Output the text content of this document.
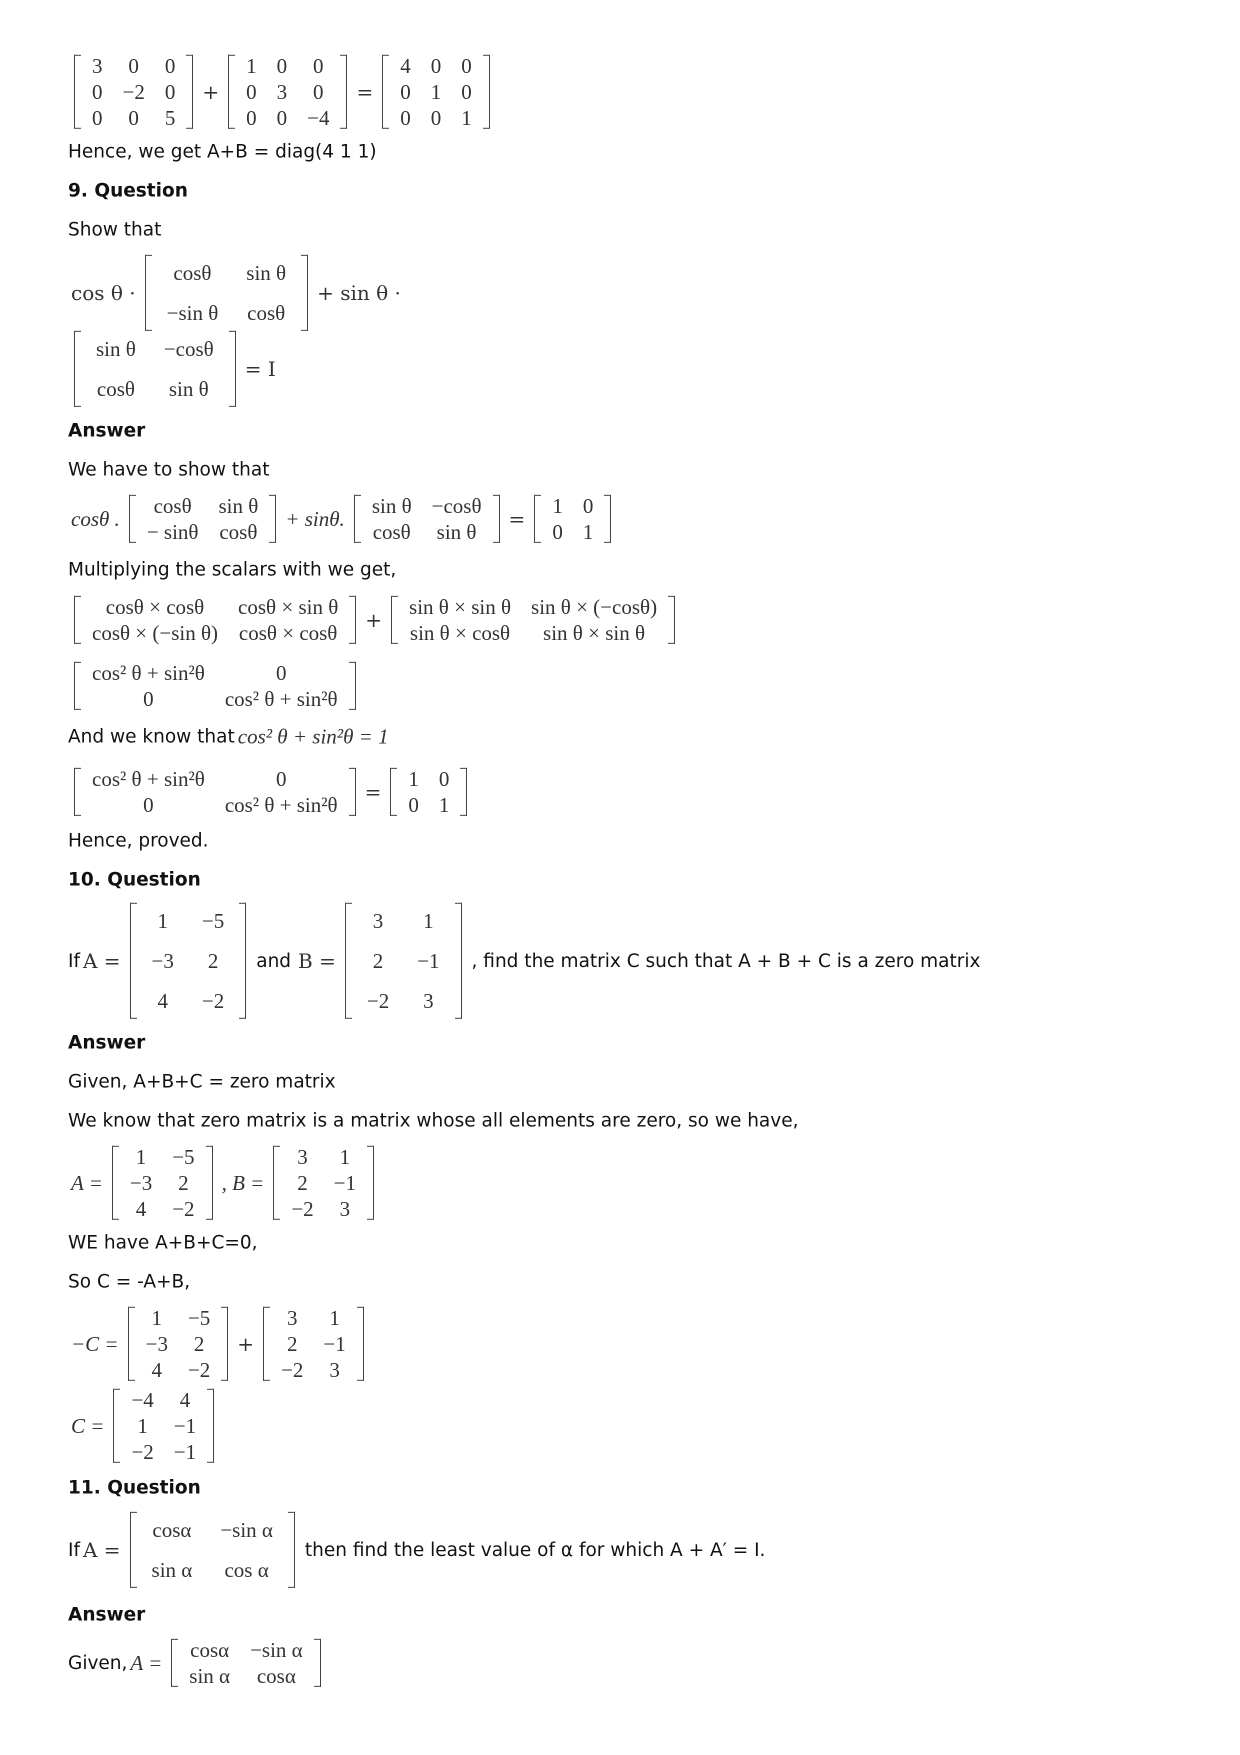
3	0	0
0	−2	0
0	0	5
+
1	0	0
0	3	0
0	0	−4
=
4	0	0
0	1	0
0	0	1
Hence, we get A+B = diag(4 1 1)
9. Question
Show that
cos θ ·
cosθ	sin θ
−sin θ	cosθ
+ sin θ ·
sin θ	−cosθ
cosθ	sin θ
= I
Answer
We have to show that
cosθ .
cosθ	sin θ
− sinθ	cosθ
+ sinθ.
sin θ	−cosθ
cosθ	sin θ
=
1	0
0	1
Multiplying the scalars with we get,
cosθ × cosθ	cosθ × sin θ
cosθ × (−sin θ)	cosθ × cosθ
+
sin θ × sin θ	sin θ × (−cosθ)
sin θ × cosθ	sin θ × sin θ
cos² θ + sin²θ	0
0	cos² θ + sin²θ
And we know that cos² θ + sin²θ = 1
cos² θ + sin²θ	0
0	cos² θ + sin²θ
=
1	0
0	1
Hence, proved.
10. Question
If A =
1	−5
−3	2
4	−2
and B =
3	1
2	−1
−2	3
, find the matrix C such that A + B + C is a zero matrix
Answer
Given, A+B+C = zero matrix
We know that zero matrix is a matrix whose all elements are zero, so we have,
A =
1	−5
−3	2
4	−2
, B =
3	1
2	−1
−2	3
WE have A+B+C=0,
So C = -A+B,
−C =
1	−5
−3	2
4	−2
+
3	1
2	−1
−2	3
C =
−4	4
1	−1
−2	−1
11. Question
If A =
cosα	−sin α
sin α	cos α
then find the least value of α for which A + A′ = I.
Answer
Given, A =
cosα	−sin α
sin α	cosα
